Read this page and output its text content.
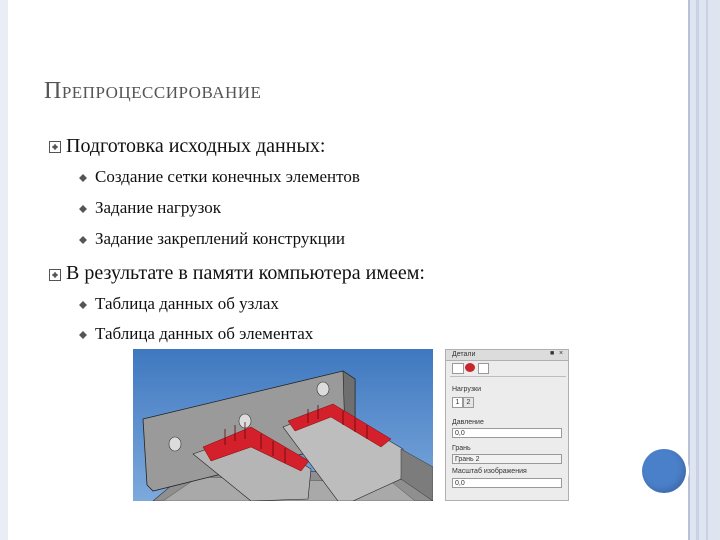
Препроцессирование
Подготовка исходных данных:
Создание сетки конечных элементов
Задание нагрузок
Задание закреплений конструкции
В результате в памяти компьютера имеем:
Таблица данных об узлах
Таблица данных об элементах
Детали	■ ×
Нагрузки
1	2
Давление
0,0
Грань
Грань 2
Масштаб изображения
0,0
